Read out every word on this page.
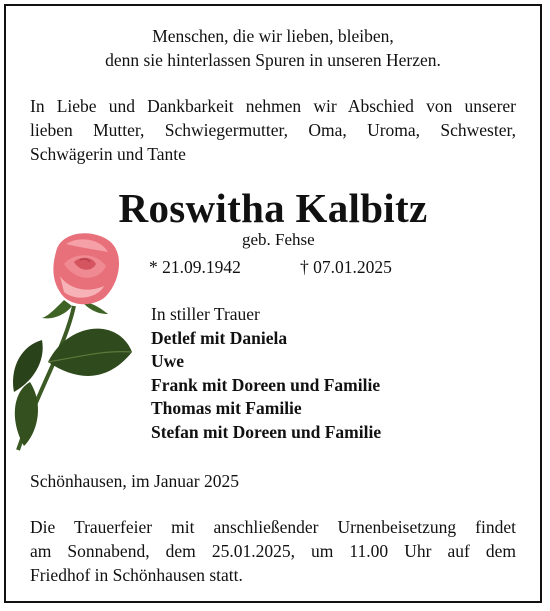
Menschen, die wir lieben, bleiben,
denn sie hinterlassen Spuren in unseren Herzen.
In Liebe und Dankbarkeit nehmen wir Abschied von unserer
lieben Mutter, Schwiegermutter, Oma, Uroma, Schwester,
Schwägerin und Tante
Roswitha Kalbitz
geb. Fehse
* 21.09.1942	† 07.01.2025
In stiller Trauer
Detlef mit Daniela
Uwe
Frank mit Doreen und Familie
Thomas mit Familie
Stefan mit Doreen und Familie
Schönhausen, im Januar 2025
Die Trauerfeier mit anschließender Urnenbeisetzung findet
am Sonnabend, dem 25.01.2025, um 11.00 Uhr auf dem
Friedhof in Schönhausen statt.
